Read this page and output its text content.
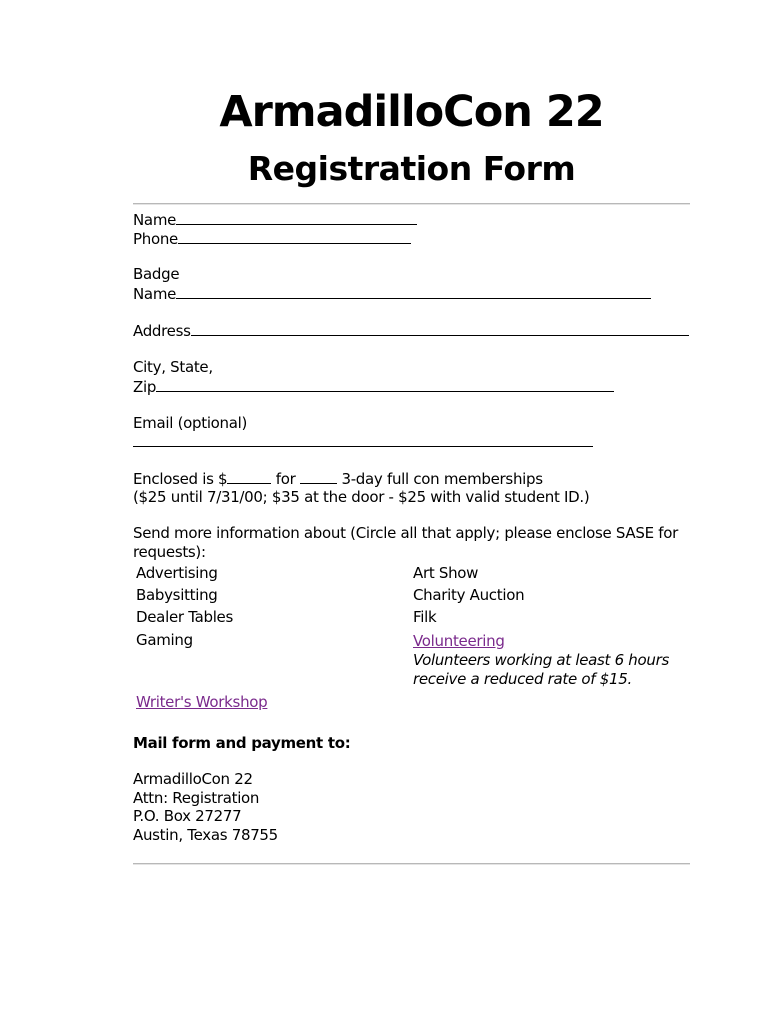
ArmadilloCon 22
Registration Form
Name
Phone
Badge
Name
Address
City, State,
Zip
Email (optional)
Enclosed is $	for	3-day full con memberships
($25 until 7/31/00; $35 at the door - $25 with valid student ID.)
Send more information about (Circle all that apply; please enclose SASE for
requests):
Advertising
Babysitting
Dealer Tables
Gaming
Art Show
Charity Auction
Filk
Volunteering
Volunteers working at least 6 hours
receive a reduced rate of $15.
Writer's Workshop
Mail form and payment to:
ArmadilloCon 22
Attn: Registration
P.O. Box 27277
Austin, Texas 78755
